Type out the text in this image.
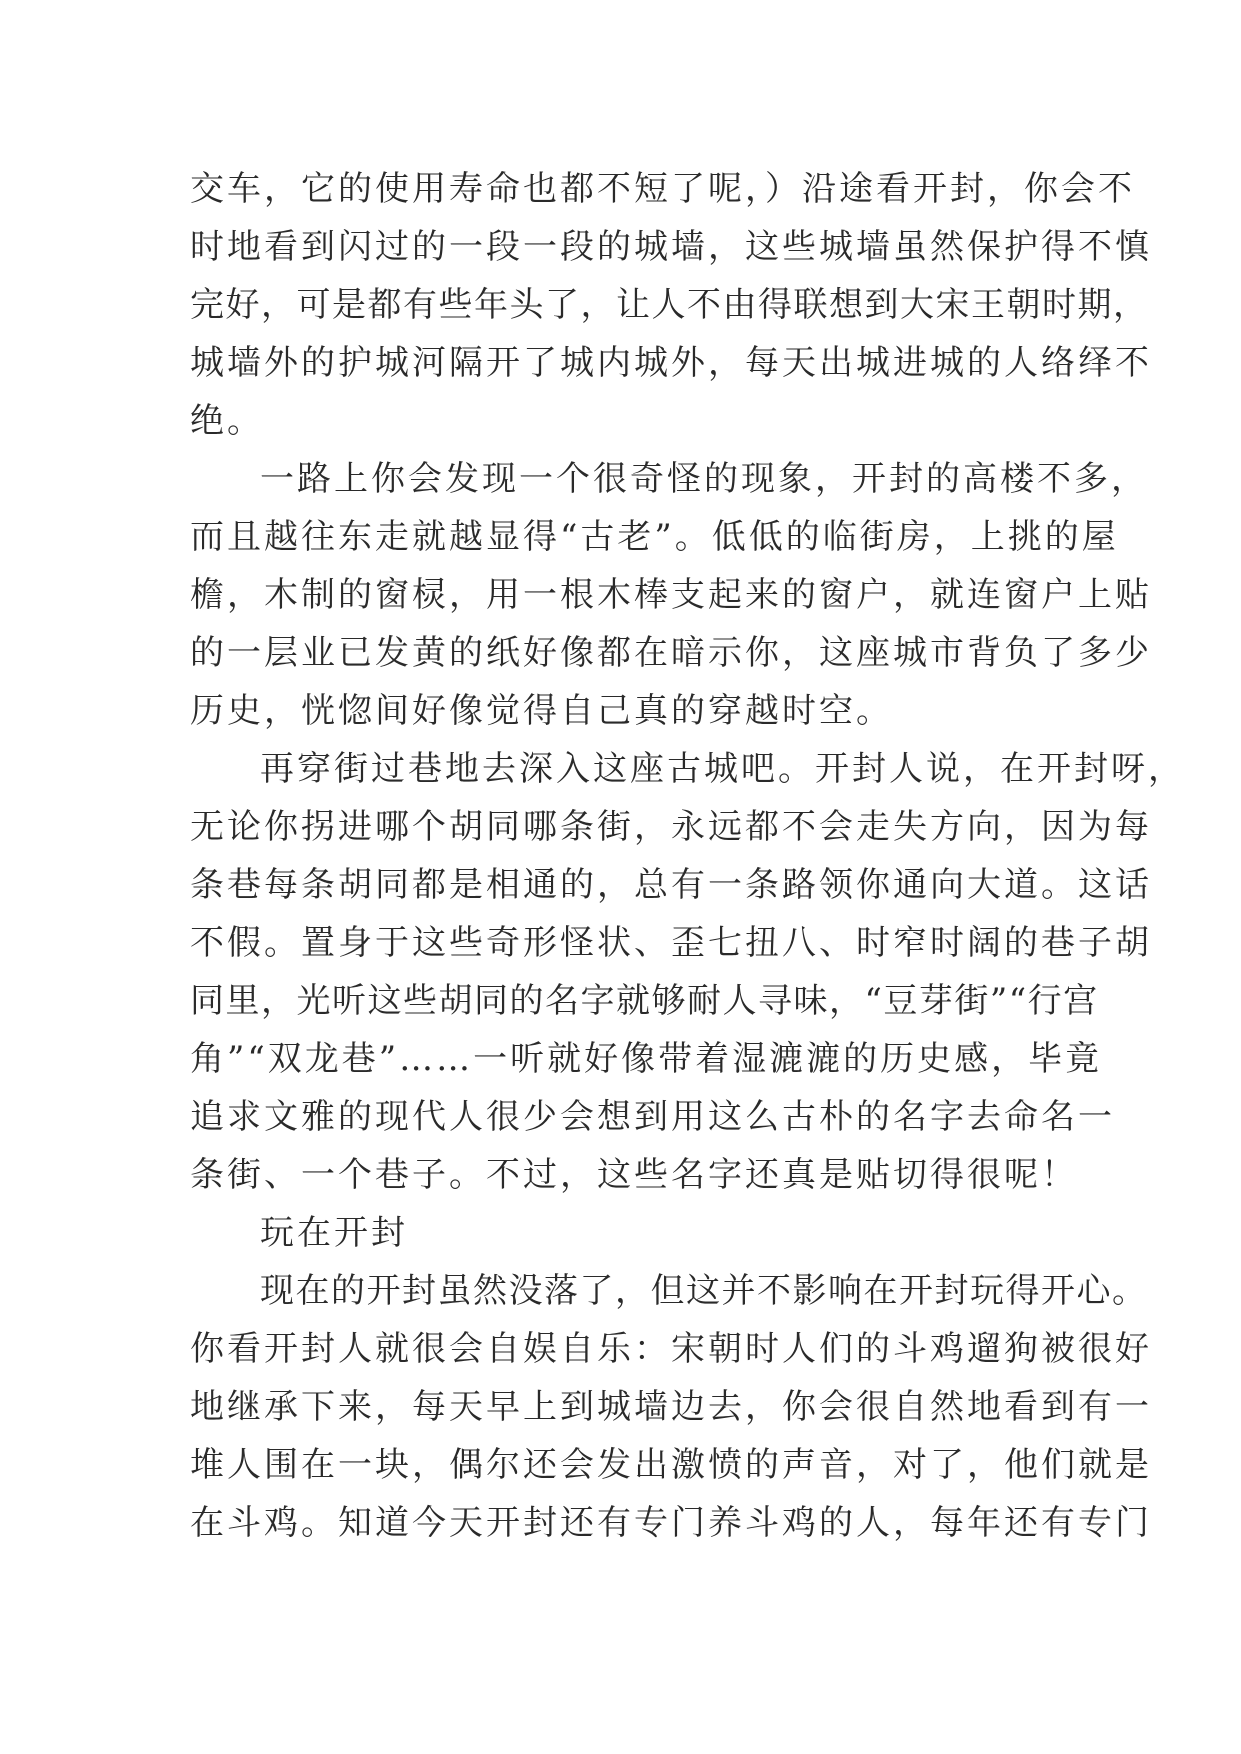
交车，它的使用寿命也都不短了呢，）沿途看开封，你会不
时地看到闪过的一段一段的城墙，这些城墙虽然保护得不慎
完好，可是都有些年头了，让人不由得联想到大宋王朝时期，
城墙外的护城河隔开了城内城外，每天出城进城的人络绎不
绝。
一路上你会发现一个很奇怪的现象，开封的高楼不多，
而且越往东走就越显得“古老”。低低的临街房，上挑的屋
檐，木制的窗棂，用一根木棒支起来的窗户，就连窗户上贴
的一层业已发黄的纸好像都在暗示你，这座城市背负了多少
历史，恍惚间好像觉得自己真的穿越时空。
再穿街过巷地去深入这座古城吧。开封人说，在开封呀，
无论你拐进哪个胡同哪条街，永远都不会走失方向，因为每
条巷每条胡同都是相通的，总有一条路领你通向大道。这话
不假。置身于这些奇形怪状、歪七扭八、时窄时阔的巷子胡
同里，光听这些胡同的名字就够耐人寻味，“豆芽街”“行宫
角”“双龙巷”……一听就好像带着湿漉漉的历史感，毕竟
追求文雅的现代人很少会想到用这么古朴的名字去命名一
条街、一个巷子。不过，这些名字还真是贴切得很呢！
玩在开封
现在的开封虽然没落了，但这并不影响在开封玩得开心。
你看开封人就很会自娱自乐：宋朝时人们的斗鸡遛狗被很好
地继承下来，每天早上到城墙边去，你会很自然地看到有一
堆人围在一块，偶尔还会发出激愤的声音，对了，他们就是
在斗鸡。知道今天开封还有专门养斗鸡的人，每年还有专门
